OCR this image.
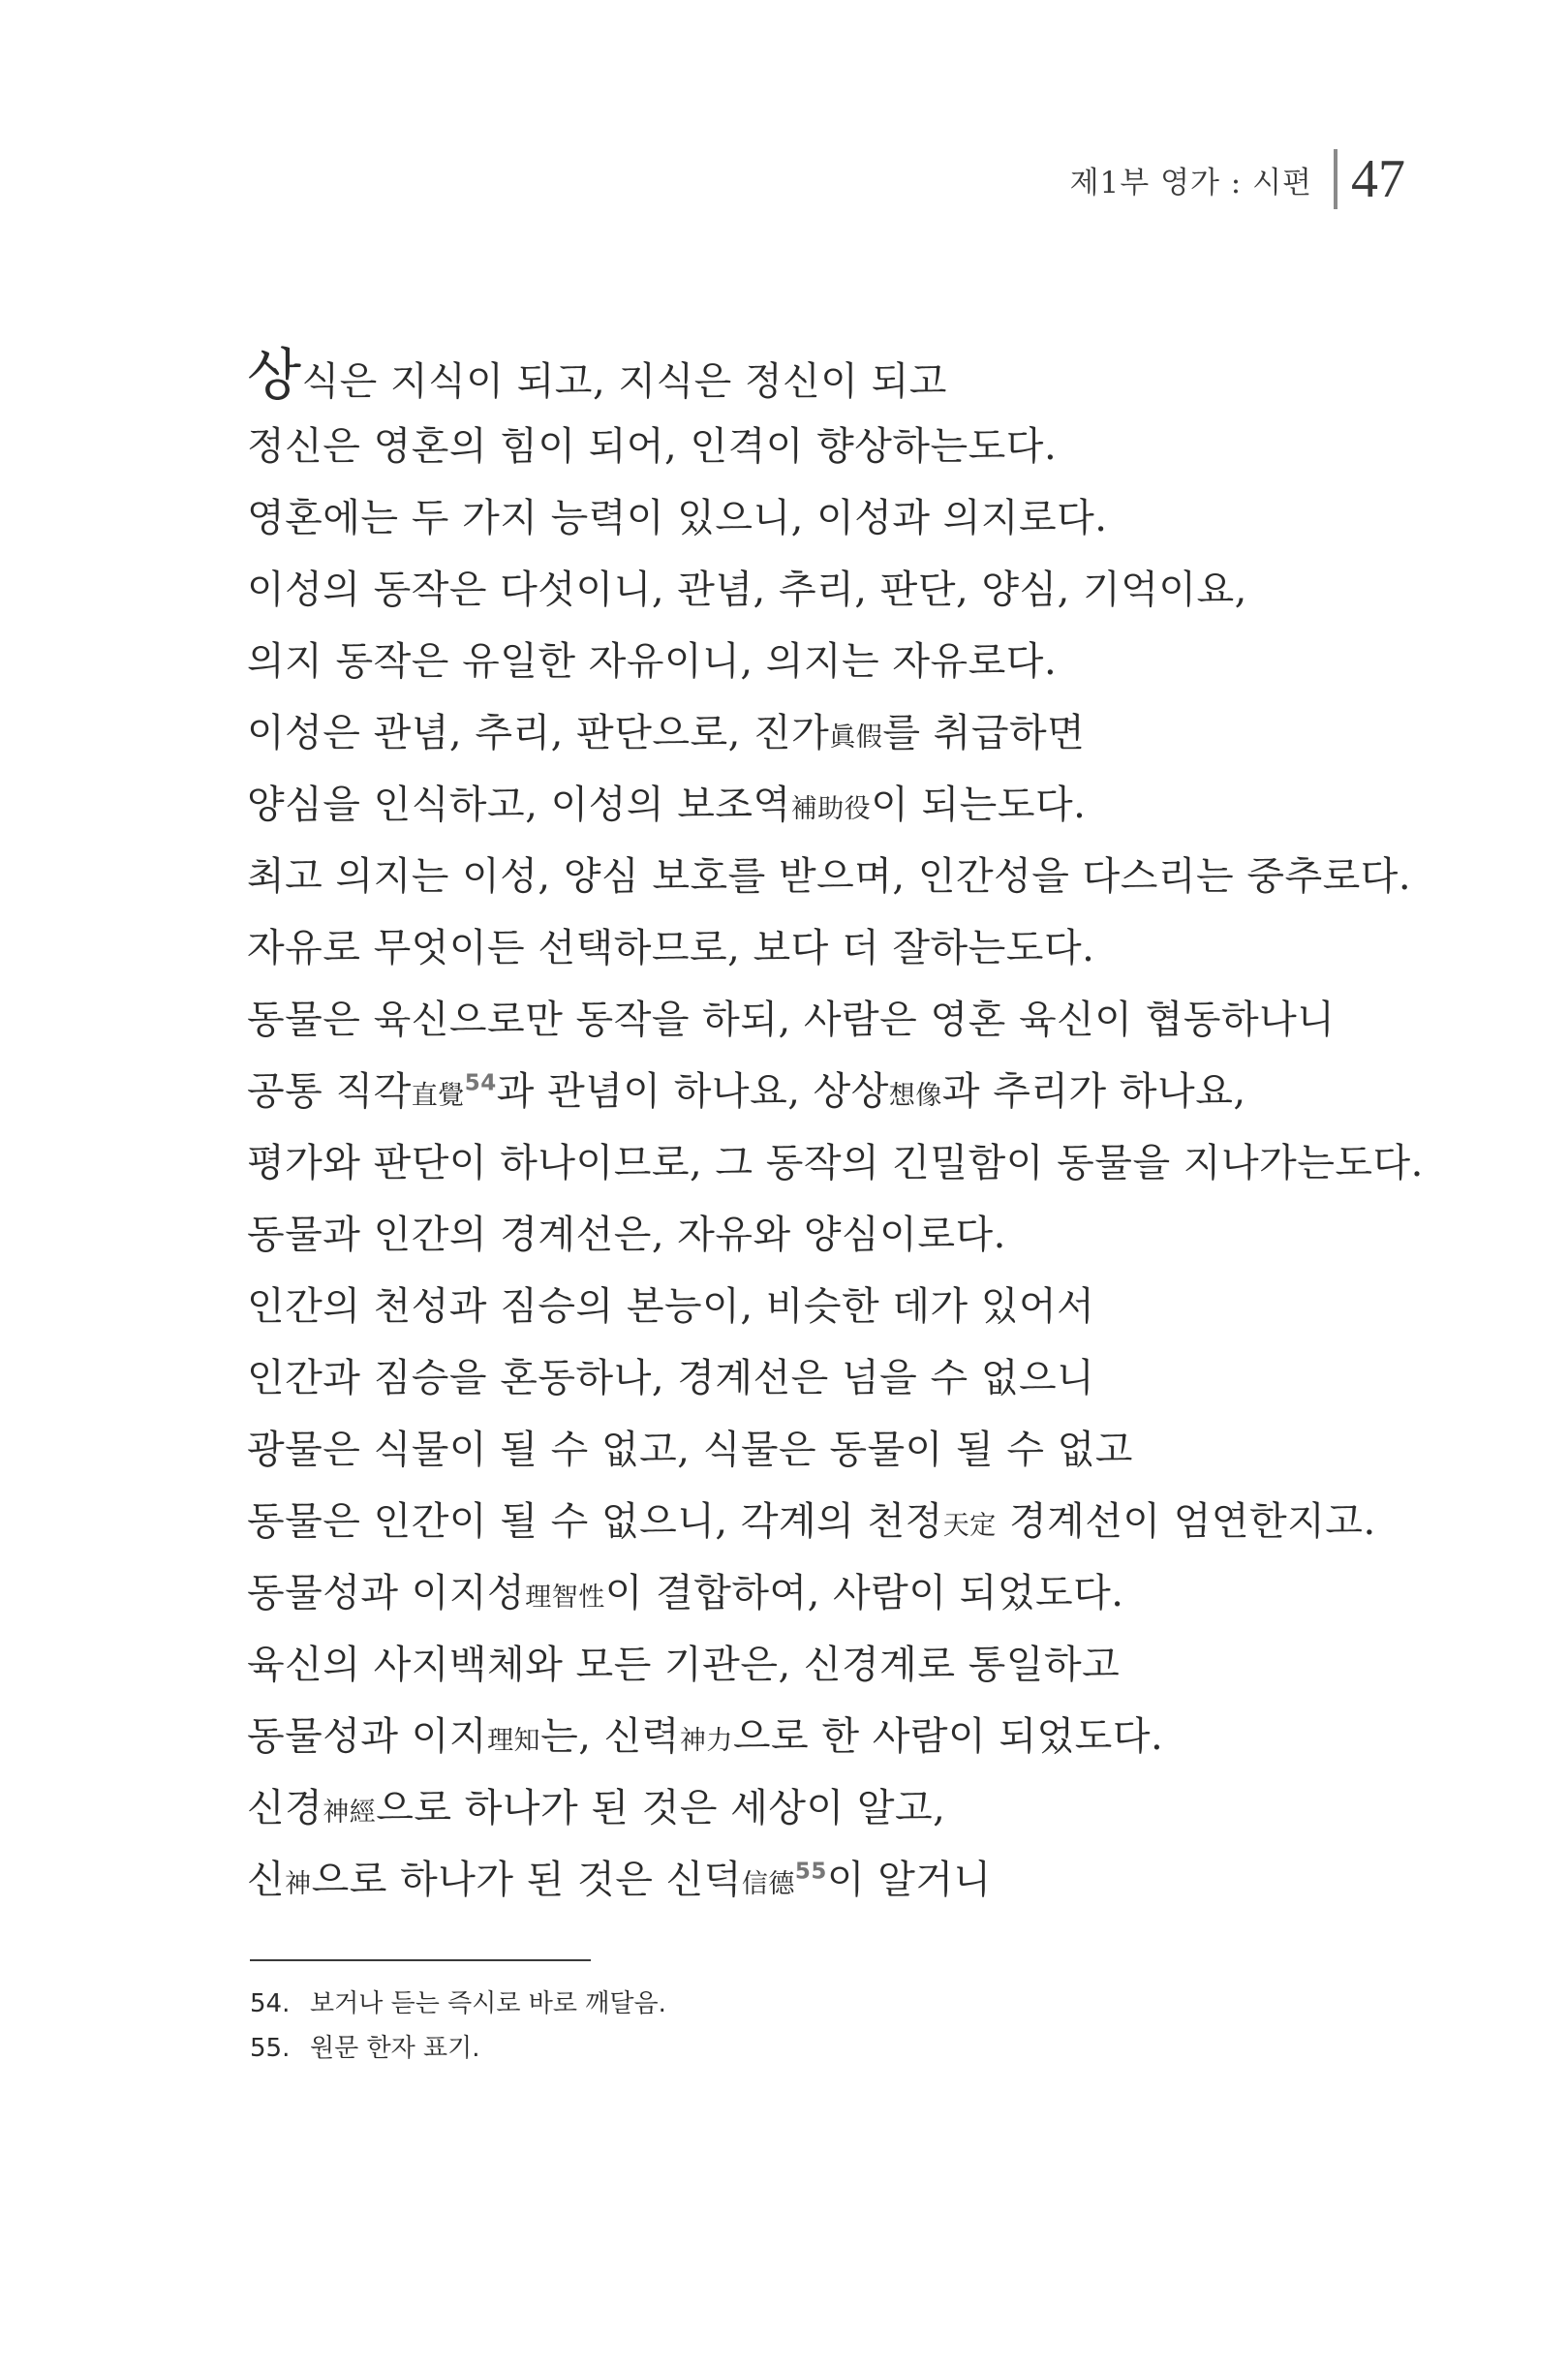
제1부 영가 : 시편 47
상식은 지식이 되고, 지식은 정신이 되고
정신은 영혼의 힘이 되어, 인격이 향상하는도다.
영혼에는 두 가지 능력이 있으니, 이성과 의지로다.
이성의 동작은 다섯이니, 관념, 추리, 판단, 양심, 기억이요,
의지 동작은 유일한 자유이니, 의지는 자유로다.
이성은 관념, 추리, 판단으로, 진가眞假를 취급하면
양심을 인식하고, 이성의 보조역補助役이 되는도다.
최고 의지는 이성, 양심 보호를 받으며, 인간성을 다스리는 중추로다.
자유로 무엇이든 선택하므로, 보다 더 잘하는도다.
동물은 육신으로만 동작을 하되, 사람은 영혼 육신이 협동하나니
공통 직각直覺$^{54}$과 관념이 하나요, 상상想像과 추리가 하나요,
평가와 판단이 하나이므로, 그 동작의 긴밀함이 동물을 지나가는도다.
동물과 인간의 경계선은, 자유와 양심이로다.
인간의 천성과 짐승의 본능이, 비슷한 데가 있어서
인간과 짐승을 혼동하나, 경계선은 넘을 수 없으니
광물은 식물이 될 수 없고, 식물은 동물이 될 수 없고
동물은 인간이 될 수 없으니, 각계의 천정天定 경계선이 엄연한지고.
동물성과 이지성理智性이 결합하여, 사람이 되었도다.
육신의 사지백체와 모든 기관은, 신경계로 통일하고
동물성과 이지理知는, 신력神力으로 한 사람이 되었도다.
신경神經으로 하나가 된 것은 세상이 알고,
신神으로 하나가 된 것은 신덕信德$^{55}$이 알거니
54. 보거나 듣는 즉시로 바로 깨달음.
55. 원문 한자 표기.
